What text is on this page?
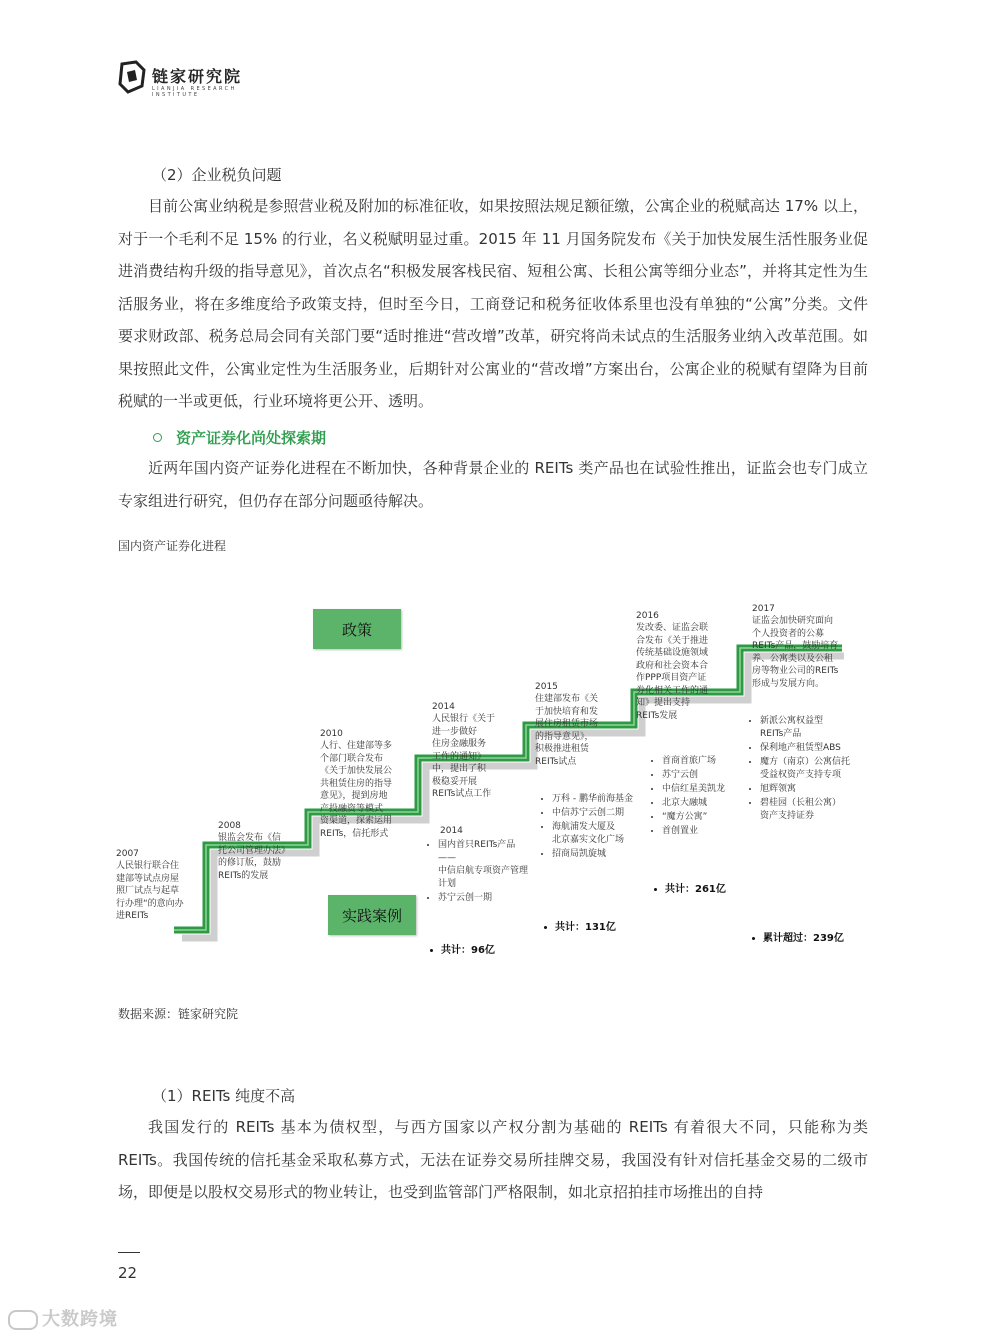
链家研究院
LIANJIA RESEARCH INSTITUTE
（2）企业税负问题

目前公寓业纳税是参照营业税及附加的标准征收，如果按照法规足额征缴，公寓企业的税赋高达 17% 以上，对于一个毛利不足 15% 的行业，名义税赋明显过重。2015 年 11 月国务院发布《关于加快发展生活性服务业促进消费结构升级的指导意见》，首次点名“积极发展客栈民宿、短租公寓、长租公寓等细分业态”，并将其定性为生活服务业，将在多维度给予政策支持，但时至今日，工商登记和税务征收体系里也没有单独的“公寓”分类。文件要求财政部、税务总局会同有关部门要“适时推进“营改增”改革，研究将尚未试点的生活服务业纳入改革范围。如果按照此文件，公寓业定性为生活服务业，后期针对公寓业的“营改增”方案出台，公寓企业的税赋有望降为目前税赋的一半或更低，行业环境将更公开、透明。

资产证券化尚处探索期

近两年国内资产证券化进程在不断加快，各种背景企业的 REITs 类产品也在试验性推出，证监会也专门成立专家组进行研究，但仍存在部分问题亟待解决。

国内资产证券化进程
政策
实践案例

2007
人民银行联合住
建部等试点房屋
照厂试点与起草
行办理“的意向办
进REITs

2008
银监会发布《信
托公司管理办法》
的修订版，鼓励
REITs的发展

2010
人行、住建部等多
个部门联合发布
《关于加快发展公
共租赁住房的指导
意见》，提到房地
产投融资等模式
资渠道，探索运用
REITs，信托形式

2014
人民银行《关于
进一步做好
住房金融服务
工作的通知》
中，提出了积
极稳妥开展
REITs试点工作

2015
住建部发布《关
于加快培育和发
展住房租赁市场
的指导意见》，
积极推进租赁
REITs试点

2016
发改委、证监会联
合发布《关于推进
传统基础设施领域
政府和社会资本合
作PPP项目资产证
券化相关工作的通
知》提出支持
REITs发展

2017
证监会加快研究面向
个人投资者的公募
REITs产品，鼓励培育
养、公寓类以及公租
房等物业公司的REITs
形成与发展方向。

2014
• 国内首只REITs产品——
中信启航专项资产管理计划
• 苏宁云创一期
共计：96亿
• 万科 - 鹏华前海基金
• 中信苏宁云创二期
• 海航浦发大厦及
北京嘉实文化广场
• 招商局凯旋城
共计：131亿
• 首商首旅广场
• 苏宁云创
• 中信红星美凯龙
• 北京大融城
• “魔方公寓”
• 首创置业
共计：261亿
• 新派公寓权益型
REITs产品
• 保利地产租赁型ABS
• 魔方（南京）公寓信托
受益权资产支持专项
• 旭辉领寓
• 碧桂园（长租公寓）
资产支持证券
累计超过：239亿
数据来源：链家研究院
（1）REITs 纯度不高

我国发行的 REITs 基本为债权型，与西方国家以产权分割为基础的 REITs 有着很大不同，只能称为类 REITs。我国传统的信托基金采取私募方式，无法在证券交易所挂牌交易，我国没有针对信托基金交易的二级市场，即便是以股权交易形式的物业转让，也受到监管部门严格限制，如北京招拍挂市场推出的自持

22
大数跨境
